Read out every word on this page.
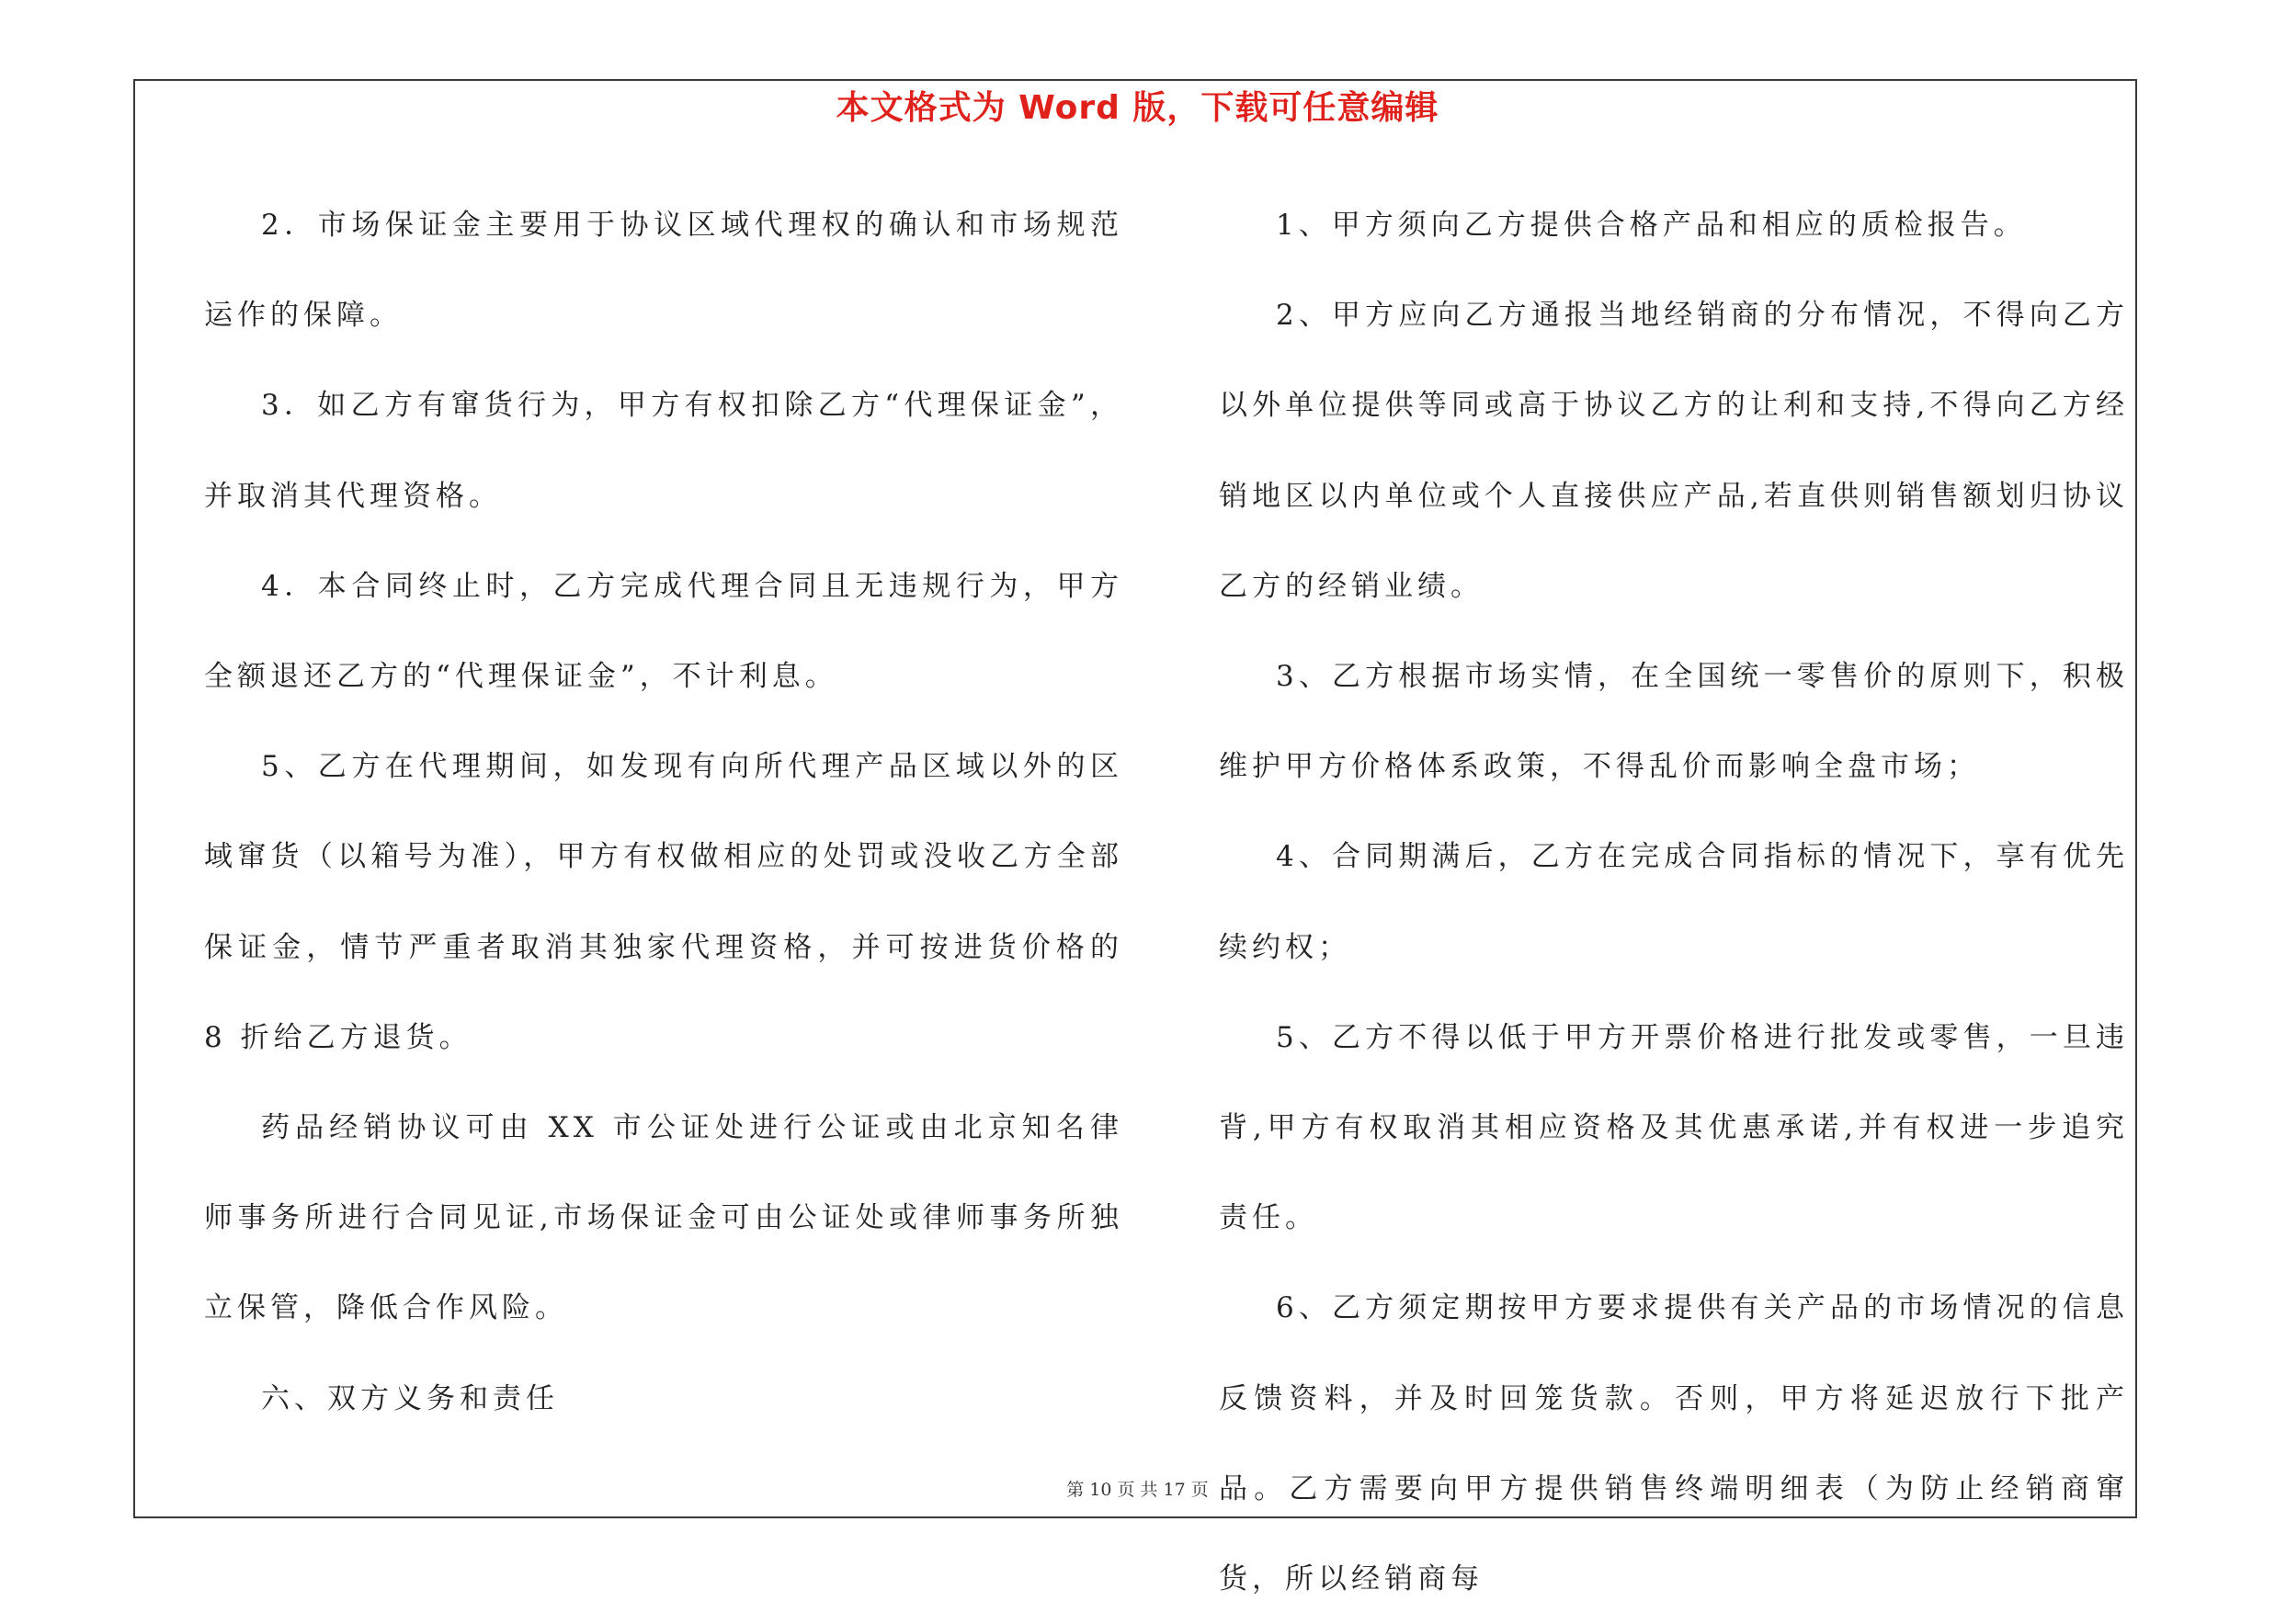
本文格式为 Word 版，下载可任意编辑

2．市场保证金主要用于协议区域代理权的确认和市场规范运作的保障。

3．如乙方有窜货行为，甲方有权扣除乙方“代理保证金”，并取消其代理资格。

4．本合同终止时，乙方完成代理合同且无违规行为，甲方全额退还乙方的“代理保证金”，不计利息。

5、乙方在代理期间，如发现有向所代理产品区域以外的区域窜货（以箱号为准），甲方有权做相应的处罚或没收乙方全部保证金，情节严重者取消其独家代理资格，并可按进货价格的 8 折给乙方退货。

药品经销协议可由 XX 市公证处进行公证或由北京知名律师事务所进行合同见证,市场保证金可由公证处或律师事务所独立保管，降低合作风险。

六、双方义务和责任

1、甲方须向乙方提供合格产品和相应的质检报告。

2、甲方应向乙方通报当地经销商的分布情况，不得向乙方以外单位提供等同或高于协议乙方的让利和支持,不得向乙方经销地区以内单位或个人直接供应产品,若直供则销售额划归协议乙方的经销业绩。

3、乙方根据市场实情，在全国统一零售价的原则下，积极维护甲方价格体系政策，不得乱价而影响全盘市场；

4、合同期满后，乙方在完成合同指标的情况下，享有优先续约权；

5、乙方不得以低于甲方开票价格进行批发或零售，一旦违背,甲方有权取消其相应资格及其优惠承诺,并有权进一步追究责任。

6、乙方须定期按甲方要求提供有关产品的市场情况的信息反馈资料，并及时回笼货款。否则，甲方将延迟放行下批产品。乙方需要向甲方提供销售终端明细表（为防止经销商窜货，所以经销商每

第 10 页 共 17 页
